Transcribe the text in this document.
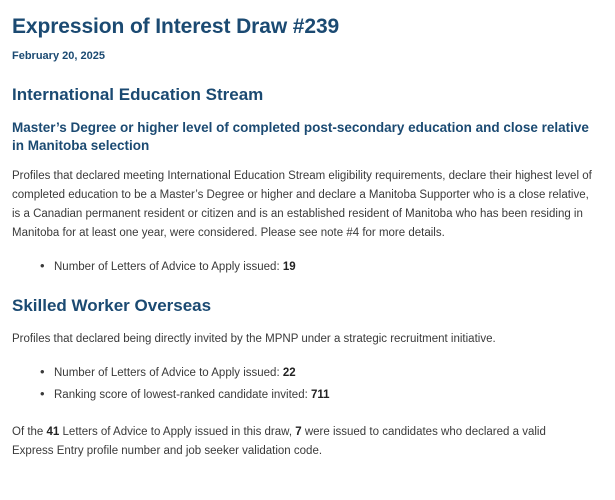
Expression of Interest Draw #239
February 20, 2025
International Education Stream
Master’s Degree or higher level of completed post-secondary education and close relative in Manitoba selection

Profiles that declared meeting International Education Stream eligibility requirements, declare their highest level of completed education to be a Master’s Degree or higher and declare a Manitoba Supporter who is a close relative, is a Canadian permanent resident or citizen and is an established resident of Manitoba who has been residing in Manitoba for at least one year, were considered. Please see note #4 for more details.

• Number of Letters of Advice to Apply issued: 19
Skilled Worker Overseas

Profiles that declared being directly invited by the MPNP under a strategic recruitment initiative.

• Number of Letters of Advice to Apply issued: 22
• Ranking score of lowest-ranked candidate invited: 711

Of the 41 Letters of Advice to Apply issued in this draw, 7 were issued to candidates who declared a valid Express Entry profile number and job seeker validation code.
